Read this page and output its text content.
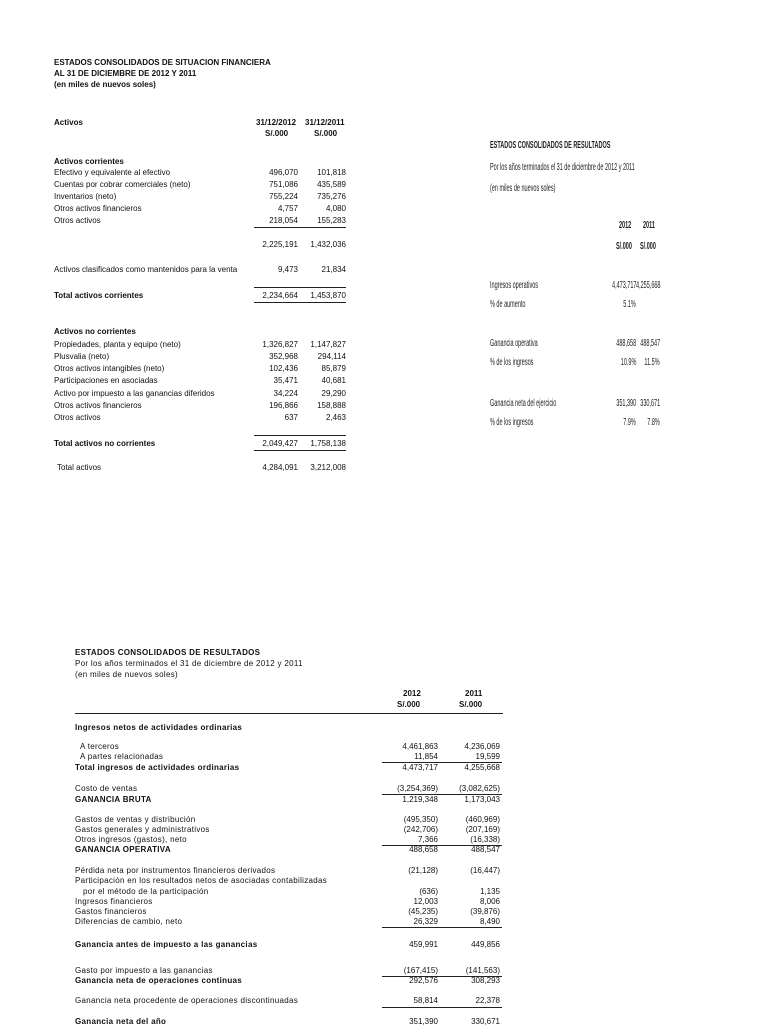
ESTADOS CONSOLIDADOS DE SITUACION FINANCIERA
AL 31 DE DICIEMBRE DE 2012 Y 2011
(en miles de nuevos soles)
Activos	31/12/2012 31/12/2011
S/.000	S/.000
Activos corrientes
Efectivo y equivalente al efectivo	496,070 101,818
Cuentas por cobrar comerciales (neto)	751,086 435,589
Inventarios (neto)	755,224 735,276
Otros activos financieros	4,757	4,080
Otros activos	218,054 155,283
2,225,191 1,432,036
Activos clasificados como mantenidos para la venta	9,473	21,834
Total activos corrientes	2,234,664 1,453,870
Activos no corrientes
Propiedades, planta y equipo (neto)	1,326,827 1,147,827
Plusvalia (neto)	352,968 294,114
Otros activos intangibles (neto)	102,436	85,879
Participaciones en asociadas	35,471	40,681
Activo por impuesto a las ganancias diferidos	34,224	29,290
Otros activos financieros	196,866 158,888
Otros activos	637	2,463
Total activos no corrientes	2,049,427 1,758,138
Total activos	4,284,091 3,212,008
ESTADOS CONSOLIDADOS DE RESULTADOS
Por los años terminados el 31 de diciembre de 2012 y 2011
(en miles de nuevos soles)
2012 2011
S/.000 S/.000
Ingresos operativos	4,473,717 4,255,668
% de aumento	5.1%
Ganancia operativa	488,658 488,547
% de los ingresos	10.9% 11.5%
Ganancia neta del ejercicio	351,390 330,671
% de los ingresos	7.9% 7.8%
ESTADOS CONSOLIDADOS DE RESULTADOS
Por los años terminados el 31 de diciembre de 2012 y 2011
(en miles de nuevos soles)
2012	2011
S/.000	S/.000
Ingresos netos de actividades ordinarias
A terceros	4,461,863	4,236,069
A partes relacionadas	11,854	19,599
Total ingresos de actividades ordinarias	4,473,717	4,255,668
Costo de ventas	(3,254,369)	(3,082,625)
GANANCIA BRUTA	1,219,348	1,173,043
Gastos de ventas y distribución	(495,350)	(460,969)
Gastos generales y administrativos	(242,706)	(207,169)
Otros ingresos (gastos), neto	7,366	(16,338)
GANANCIA OPERATIVA	488,658	488,547
Pérdida neta por instrumentos financieros derivados	(21,128)	(16,447)
Participación en los resultados netos de asociadas contabilizadas
por el método de la participación	(636)	1,135
Ingresos financieros	12,003	8,006
Gastos financieros	(45,235)	(39,876)
Diferencias de cambio, neto	26,329	8,490
Ganancia antes de impuesto a las ganancias	459,991	449,856
Gasto por impuesto a las ganancias	(167,415)	(141,563)
Ganancia neta de operaciones continuas	292,576	308,293
Ganancia neta procedente de operaciones discontinuadas	58,814	22,378
Ganancia neta del año	351,390	330,671
